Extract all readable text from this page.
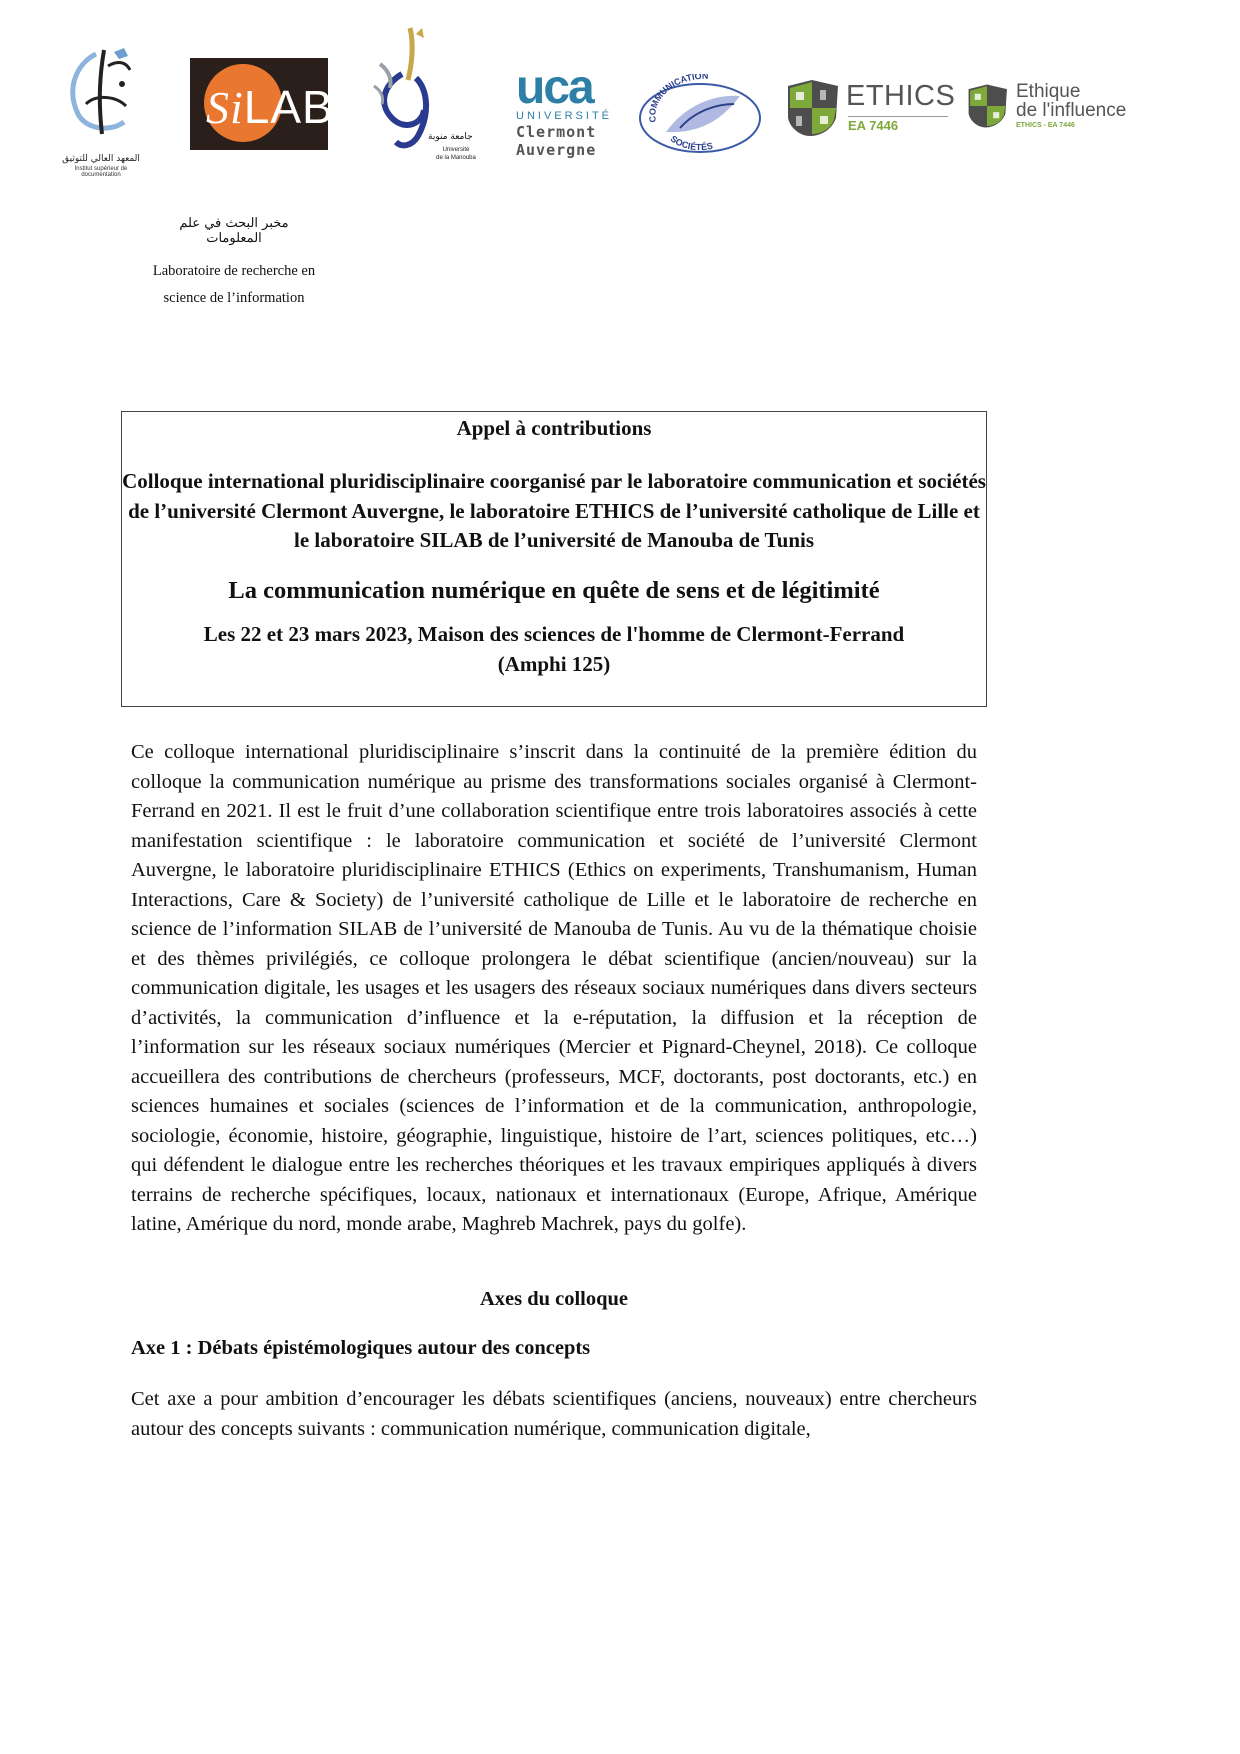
المعهد العالي للتوثيق
Institut supérieur de documentation
SiLAB
جامعة منوبة
Université
de la Manouba
uca
UNIVERSITÉ
Clermont
Auvergne
COMMUNICATION
SOCIÉTÉS
ETHICS
EA 7446
Ethique
de l'influence
ETHICS - EA 7446
مخبر البحث في علم المعلومات
Laboratoire de recherche en
science de l’information
Appel à contributions
Colloque international pluridisciplinaire coorganisé par le laboratoire communication et sociétés de l’université Clermont Auvergne, le laboratoire ETHICS de l’université catholique de Lille et le laboratoire SILAB de l’université de Manouba de Tunis
La communication numérique en quête de sens et de légitimité
Les 22 et 23 mars 2023, Maison des sciences de l'homme de Clermont-Ferrand
(Amphi 125)
Ce colloque international pluridisciplinaire s’inscrit dans la continuité de la première édition du colloque la communication numérique au prisme des transformations sociales organisé à Clermont-Ferrand en 2021. Il est le fruit d’une collaboration scientifique entre trois laboratoires associés à cette manifestation scientifique : le laboratoire communication et société de l’université Clermont Auvergne, le laboratoire pluridisciplinaire ETHICS (Ethics on experiments, Transhumanism, Human Interactions, Care & Society) de l’université catholique de Lille et le laboratoire de recherche en science de l’information SILAB de l’université de Manouba de Tunis. Au vu de la thématique choisie et des thèmes privilégiés, ce colloque prolongera le débat scientifique (ancien/nouveau) sur la communication digitale, les usages et les usagers des réseaux sociaux numériques dans divers secteurs d’activités, la communication d’influence et la e-réputation, la diffusion et la réception de l’information sur les réseaux sociaux numériques (Mercier et Pignard-Cheynel, 2018). Ce colloque accueillera des contributions de chercheurs (professeurs, MCF, doctorants, post doctorants, etc.) en sciences humaines et sociales (sciences de l’information et de la communication, anthropologie, sociologie, économie, histoire, géographie, linguistique, histoire de l’art, sciences politiques, etc…) qui défendent le dialogue entre les recherches théoriques et les travaux empiriques appliqués à divers terrains de recherche spécifiques, locaux, nationaux et internationaux (Europe, Afrique, Amérique latine, Amérique du nord, monde arabe, Maghreb Machrek, pays du golfe).
Axes du colloque
Axe 1 : Débats épistémologiques autour des concepts
Cet axe a pour ambition d’encourager les débats scientifiques (anciens, nouveaux) entre chercheurs autour des concepts suivants : communication numérique, communication digitale,
